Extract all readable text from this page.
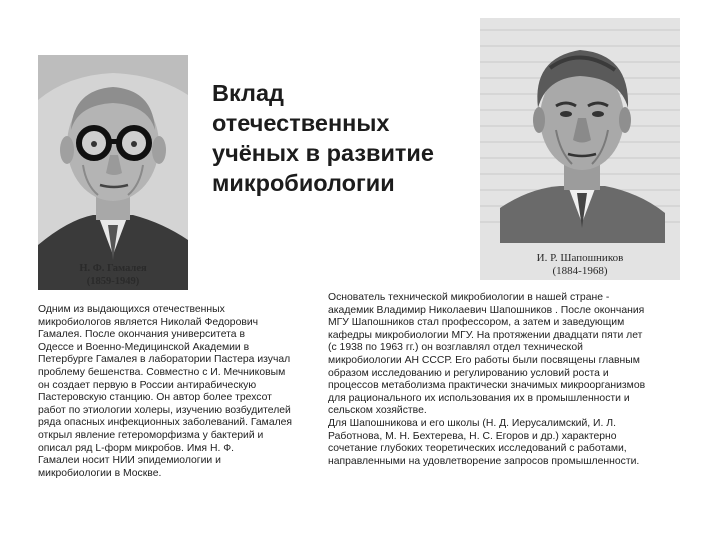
Н. Ф. Гамалея
(1859-1949)
И. Р. Шапошников
(1884-1968)
Вклад
отечественных
учёных в развитие
микробиологии
Одним из выдающихся отечественных
микробиологов является Николай Федорович
Гамалея. После окончания университета в
Одессе и Военно-Медицинской Академии в
Петербурге Гамалея в лаборатории Пастера изучал
проблему бешенства. Совместно с И. Мечниковым
он создает первую в России антирабическую
Пастеровскую станцию. Он автор более трехсот
работ по этиологии холеры, изучению возбудителей
ряда опасных инфекционных заболеваний. Гамалея
открыл явление гетероморфизма у бактерий и
описал ряд L-форм микробов. Имя Н. Ф.
Гамалеи носит НИИ эпидемиологии и
микробиологии в Москве.
Основатель технической микробиологии в нашей стране -
академик Владимир Николаевич Шапошников . После окончания
МГУ Шапошников стал профессором, а затем и заведующим
кафедры микробиологии МГУ. На протяжении двадцати пяти лет
(с 1938 по 1963 гг.) он возглавлял отдел технической
микробиологии АН СССР. Его работы были посвящены главным
образом исследованию и регулированию условий роста и
процессов метаболизма практически значимых микроорганизмов
для рационального их использования их в промышленности и
сельском хозяйстве.
Для Шапошникова и его школы (Н. Д. Иерусалимский, И. Л.
Работнова, М. Н. Бехтерева, Н. С. Егоров и др.) характерно
сочетание глубоких теоретических исследований с работами,
направленными на удовлетворение запросов промышленности.
